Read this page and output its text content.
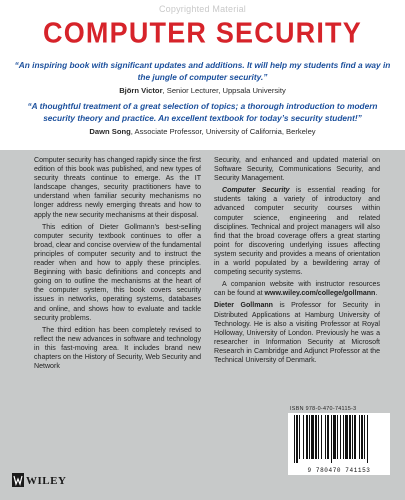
Copyrighted Material
COMPUTER SECURITY
“An inspiring book with significant updates and additions. It will help my students find a way in the jungle of computer security.”
Björn Victor, Senior Lecturer, Uppsala University
“A thoughtful treatment of a great selection of topics; a thorough introduction to modern security theory and practice. An excellent textbook for today’s security student!”
Dawn Song, Associate Professor, University of California, Berkeley

Computer security has changed rapidly since the first edition of this book was published, and new types of security threats continue to emerge. As the IT landscape changes, security practitioners have to understand when familiar security mechanisms no longer address newly emerging threats and how to apply the new security mechanisms at their disposal.

This edition of Dieter Gollmann’s best-selling computer security textbook continues to offer a broad, clear and concise overview of the fundamental principles of computer security and to instruct the reader when and how to apply these principles. Beginning with basic definitions and concepts and going on to outline the mechanisms at the heart of the computer system, this book covers security issues in networks, operating systems, databases and online, and shows how to evaluate and tackle security problems.

The third edition has been completely revised to reflect the new advances in software and technology in this fast-moving area. It includes brand new chapters on the History of Security, Web Security and Network

Security, and enhanced and updated material on Software Security, Communications Security, and Security Management.

Computer Security is essential reading for students taking a variety of introductory and advanced computer security courses within computer science, engineering and related disciplines. Technical and project managers will also find that the broad coverage offers a great starting point for discovering underlying issues affecting system security and provides a means of orientation in a world populated by a bewildering array of competing security systems.

A companion website with instructor resources can be found at www.wiley.com/college/gollmann.

Dieter Gollmann is Professor for Security in Distributed Applications at Hamburg University of Technology. He is also a visiting Professor at Royal Holloway, University of London. Previously he was a researcher in Information Security at Microsoft Research in Cambridge and Adjunct Professor at the Technical University of Denmark.

ISBN 978-0-470-74115-3
9 780470 741153
WILEY
